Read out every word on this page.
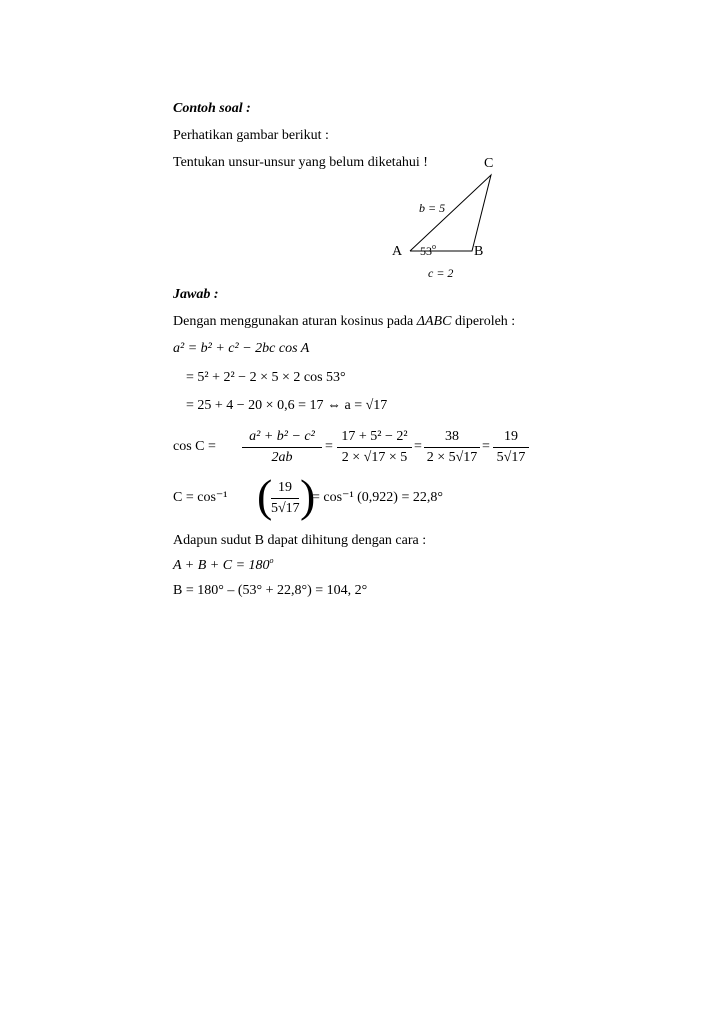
Contoh soal :
Perhatikan gambar berikut :
Tentukan unsur-unsur yang belum diketahui !	C
A	B
b = 5
c = 2
53$^o$
Jawab :
Dengan menggunakan aturan kosinus pada ΔABC diperoleh :
a² = b² + c² − 2bc cos A
= 5² + 2² − 2 × 5 × 2 cos 53°
= 25 + 4 − 20 × 0,6 = 17 ⇔ a = √17
cos C =
a² + b² − c²
2ab
=
17 + 5² − 2²
2 × √17 × 5
=
38
2 × 5√17
=
19
5√17
C = cos⁻¹ ( 19
5√17 )
= cos⁻¹ (0,922) = 22,8°
Adapun sudut B dapat dihitung dengan cara :
$A + B + C = 180^o$
B = 180° – (53° + 22,8°) = 104, 2°
